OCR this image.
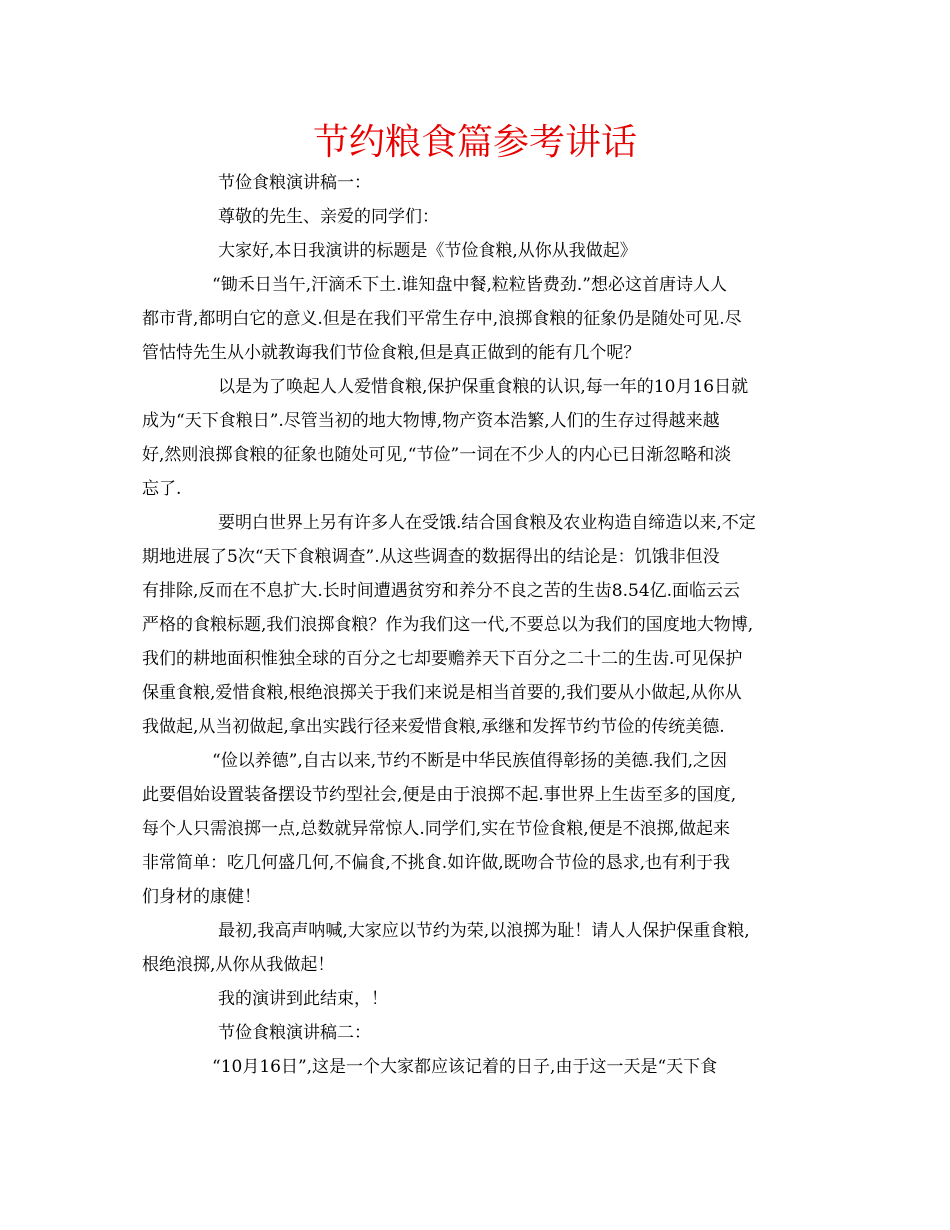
节约粮食篇参考讲话
节俭食粮演讲稿一：
尊敬的先生、亲爱的同学们：
大家好,本日我演讲的标题是《节俭食粮,从你从我做起》
“锄禾日当午,汗滴禾下土.谁知盘中餐,粒粒皆费劲.”想必这首唐诗人人
都市背,都明白它的意义.但是在我们平常生存中,浪掷食粮的征象仍是随处可见.尽
管怙恃先生从小就教诲我们节俭食粮,但是真正做到的能有几个呢？
以是为了唤起人人爱惜食粮,保护保重食粮的认识,每一年的10月16日就
成为“天下食粮日”.尽管当初的地大物博,物产资本浩繁,人们的生存过得越来越
好,然则浪掷食粮的征象也随处可见,“节俭”一词在不少人的内心已日渐忽略和淡
忘了.
要明白世界上另有许多人在受饿.结合国食粮及农业构造自缔造以来,不定
期地进展了5次“天下食粮调查”.从这些调查的数据得出的结论是：饥饿非但没
有排除,反而在不息扩大.长时间遭遇贫穷和养分不良之苦的生齿8.54亿.面临云云
严格的食粮标题,我们浪掷食粮？作为我们这一代,不要总以为我们的国度地大物博,
我们的耕地面积惟独全球的百分之七却要赡养天下百分之二十二的生齿.可见保护
保重食粮,爱惜食粮,根绝浪掷关于我们来说是相当首要的,我们要从小做起,从你从
我做起,从当初做起,拿出实践行径来爱惜食粮,承继和发挥节约节俭的传统美德.
“俭以养德”,自古以来,节约不断是中华民族值得彰扬的美德.我们,之因
此要倡始设置装备摆设节约型社会,便是由于浪掷不起.事世界上生齿至多的国度,
每个人只需浪掷一点,总数就异常惊人.同学们,实在节俭食粮,便是不浪掷,做起来
非常简单：吃几何盛几何,不偏食,不挑食.如许做,既吻合节俭的恳求,也有利于我
们身材的康健！
最初,我高声呐喊,大家应以节约为荣,以浪掷为耻！请人人保护保重食粮,
根绝浪掷,从你从我做起！
我的演讲到此结束，！
节俭食粮演讲稿二：
“10月16日”,这是一个大家都应该记着的日子,由于这一天是“天下食
